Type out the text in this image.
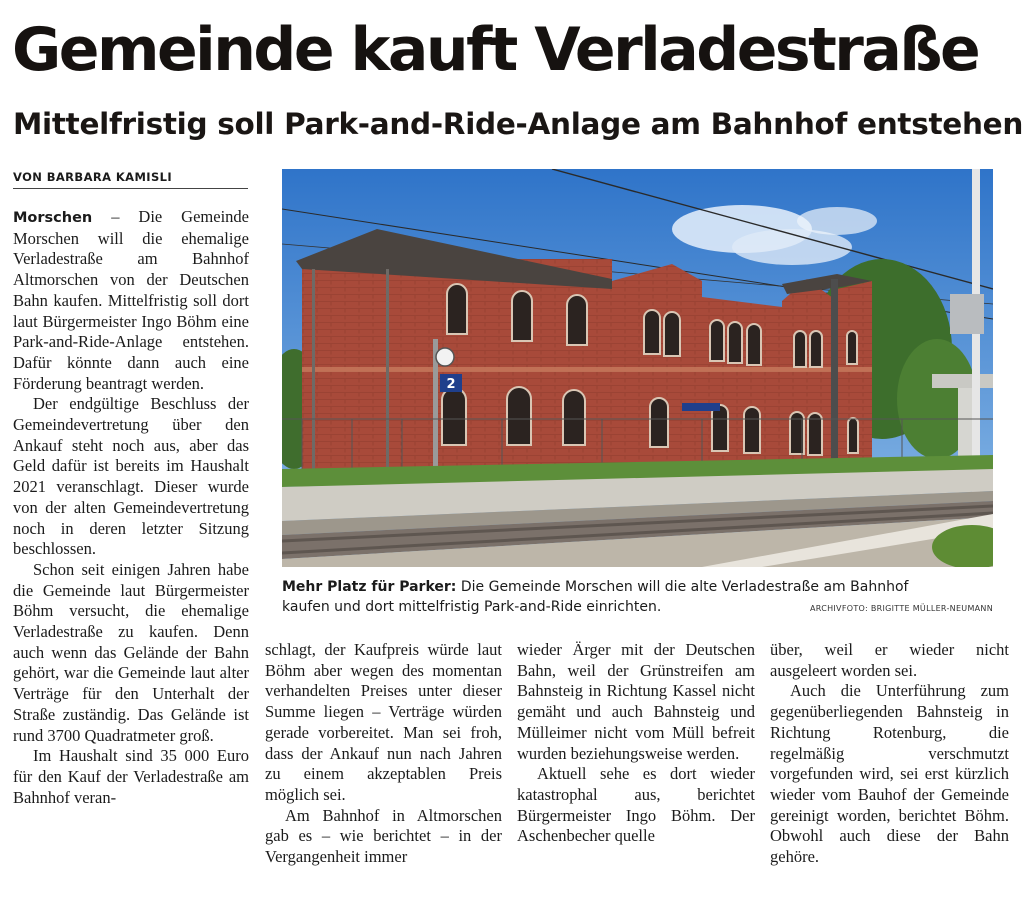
Gemeinde kauft Verladestraße
Mittelfristig soll Park-and-Ride-Anlage am Bahnhof entstehen
VON BARBARA KAMISLI

Morschen – Die Gemeinde Morschen will die ehemalige Verladestraße am Bahnhof Altmorschen von der Deutschen Bahn kaufen. Mittelfristig soll dort laut Bürgermeister Ingo Böhm eine Park-and-Ride-Anlage entstehen. Dafür könnte dann auch eine Förderung beantragt werden.

Der endgültige Beschluss der Gemeindevertretung über den Ankauf steht noch aus, aber das Geld dafür ist bereits im Haushalt 2021 veranschlagt. Dieser wurde von der alten Gemeindevertretung noch in deren letzter Sitzung beschlossen.

Schon seit einigen Jahren habe die Gemeinde laut Bürgermeister Böhm versucht, die ehemalige Verladestraße zu kaufen. Denn auch wenn das Gelände der Bahn gehört, war die Gemeinde laut alter Verträge für den Unterhalt der Straße zuständig. Das Gelände ist rund 3700 Quadratmeter groß.

Im Haushalt sind 35 000 Euro für den Kauf der Verladestraße am Bahnhof veran-

2
Mehr Platz für Parker: Die Gemeinde Morschen will die alte Verladestraße am Bahnhof
kaufen und dort mittelfristig Park-and-Ride einrichten.	ARCHIVFOTO: BRIGITTE MÜLLER-NEUMANN

schlagt, der Kaufpreis würde laut Böhm aber wegen des momentan verhandelten Preises unter dieser Summe liegen – Verträge würden gerade vorbereitet. Man sei froh, dass der Ankauf nun nach Jahren zu einem akzeptablen Preis möglich sei.

Am Bahnhof in Altmorschen gab es – wie berichtet – in der Vergangenheit immer

wieder Ärger mit der Deutschen Bahn, weil der Grünstreifen am Bahnsteig in Richtung Kassel nicht gemäht und auch Bahnsteig und Mülleimer nicht vom Müll befreit wurden beziehungsweise werden.

Aktuell sehe es dort wieder katastrophal aus, berichtet Bürgermeister Ingo Böhm. Der Aschenbecher quelle

über, weil er wieder nicht ausgeleert worden sei.

Auch die Unterführung zum gegenüberliegenden Bahnsteig in Richtung Rotenburg, die regelmäßig verschmutzt vorgefunden wird, sei erst kürzlich wieder vom Bauhof der Gemeinde gereinigt worden, berichtet Böhm. Obwohl auch diese der Bahn gehöre.
